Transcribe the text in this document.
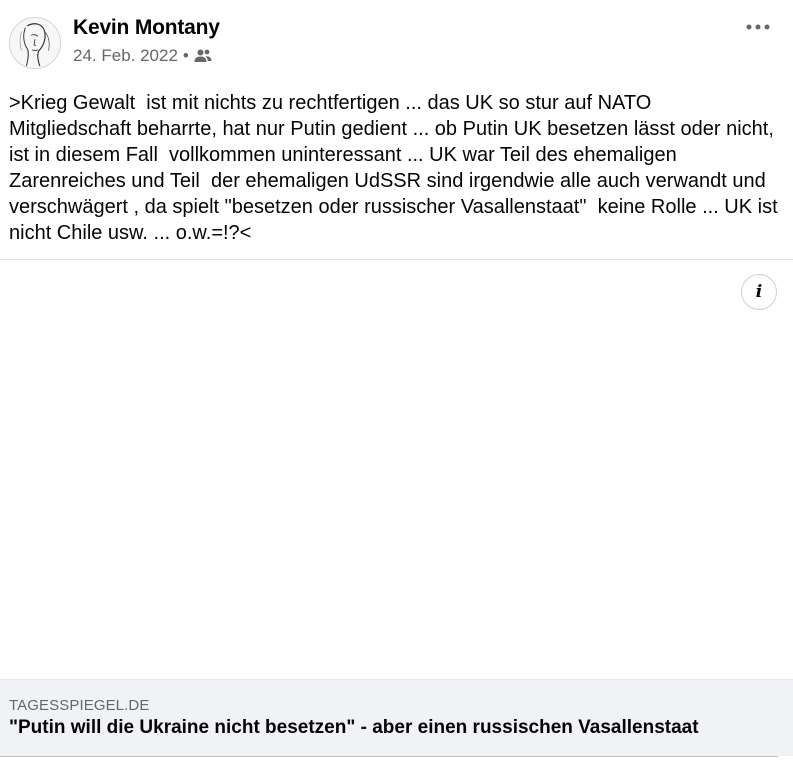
Kevin Montany
24. Feb. 2022 •
>Krieg Gewalt  ist mit nichts zu rechtfertigen ... das UK so stur auf NATO Mitgliedschaft beharrte, hat nur Putin gedient ... ob Putin UK besetzen lässt oder nicht, ist in diesem Fall  vollkommen uninteressant ... UK war Teil des ehemaligen Zarenreiches und Teil  der ehemaligen UdSSR sind irgendwie alle auch verwandt und verschwägert , da spielt "besetzen oder russischer Vasallenstaat"  keine Rolle ... UK ist nicht Chile usw. ... o.w.=!?<
i
TAGESSPIEGEL.DE
"Putin will die Ukraine nicht besetzen" - aber einen russischen Vasallenstaat
